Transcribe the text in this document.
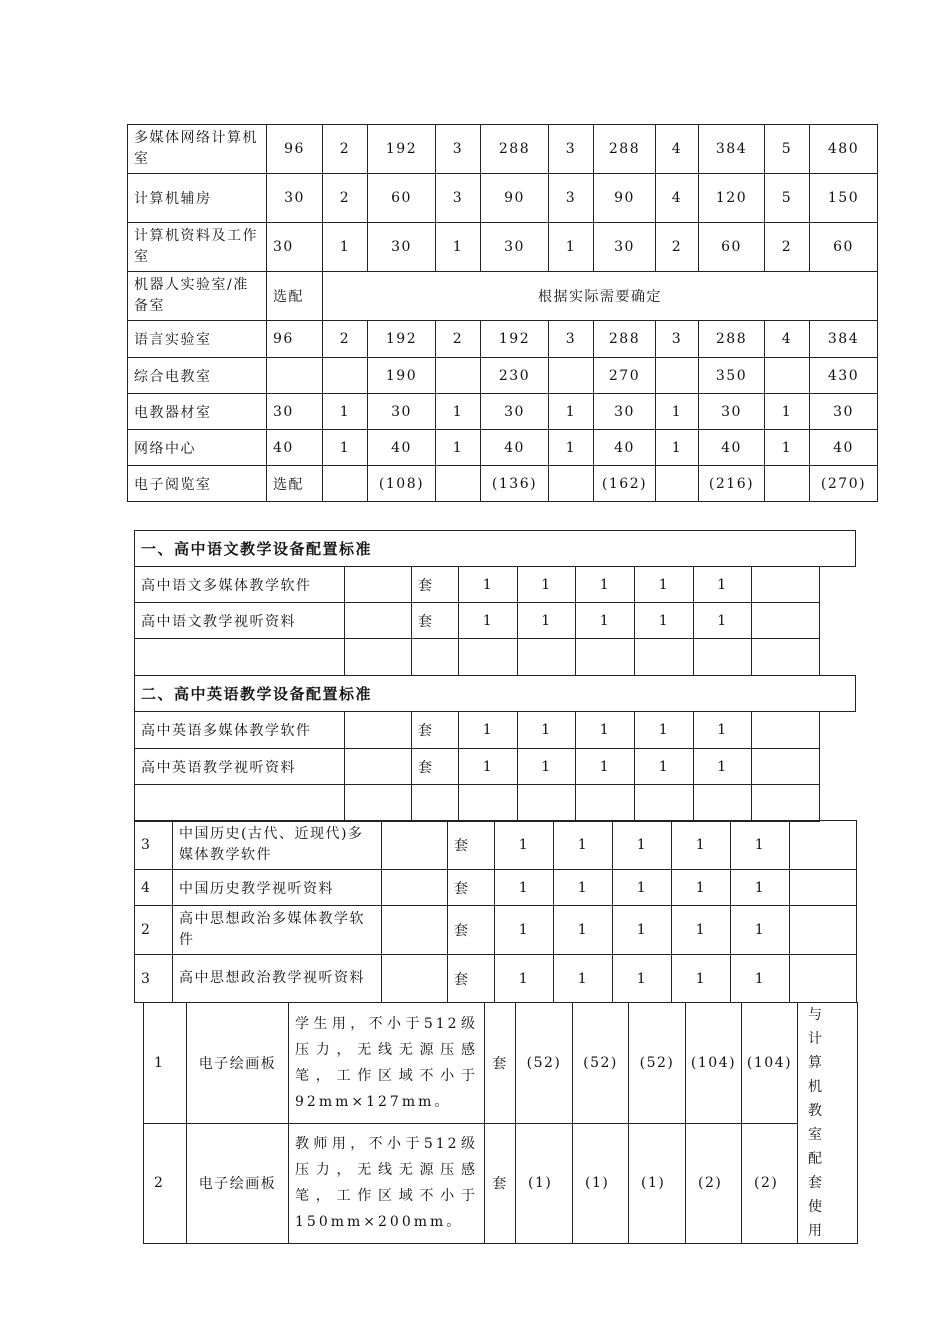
多媒体网络计算机室	96	2	192	3	288	3	288	4	384	5	480
计算机辅房	30	2	60	3	90	3	90	4	120	5	150
计算机资料及工作室	30	1	30	1	30	1	30	2	60	2	60
机器人实验室/准备室	选配	根据实际需要确定									
语言实验室	96	2	192	2	192	3	288	3	288	4	384
综合电教室			190		230		270		350		430
电教器材室	30	1	30	1	30	1	30	1	30	1	30
网络中心	40	1	40	1	40	1	40	1	40	1	40
电子阅览室	选配		(108)		(136)		(162)		(216)		(270)
一、高中语文教学设备配置标准
高中语文多媒体教学软件		套	1	1	1	1	1	
高中语文教学视听资料		套	1	1	1	1	1	

二、高中英语教学设备配置标准
高中英语多媒体教学软件		套	1	1	1	1	1	
高中英语教学视听资料		套	1	1	1	1	1	

3	中国历史(古代、近现代)多媒体教学软件		套	1	1	1	1	1	
4	中国历史教学视听资料		套	1	1	1	1	1	
2	高中思想政治多媒体教学软件		套	1	1	1	1	1	
3	高中思想政治教学视听资料		套	1	1	1	1	1	
1	电子绘画板	学生用，不小于512级压力，无线无源压感笔，工作区域不小于92mm×127mm。	套	(52)	(52)	(52)	(104)	(104)	与计算机教室配套使用
2	电子绘画板	教师用，不小于512级压力，无线无源压感笔，工作区域不小于150mm×200mm。	套	(1)	(1)	(1)	(2)	(2)	
